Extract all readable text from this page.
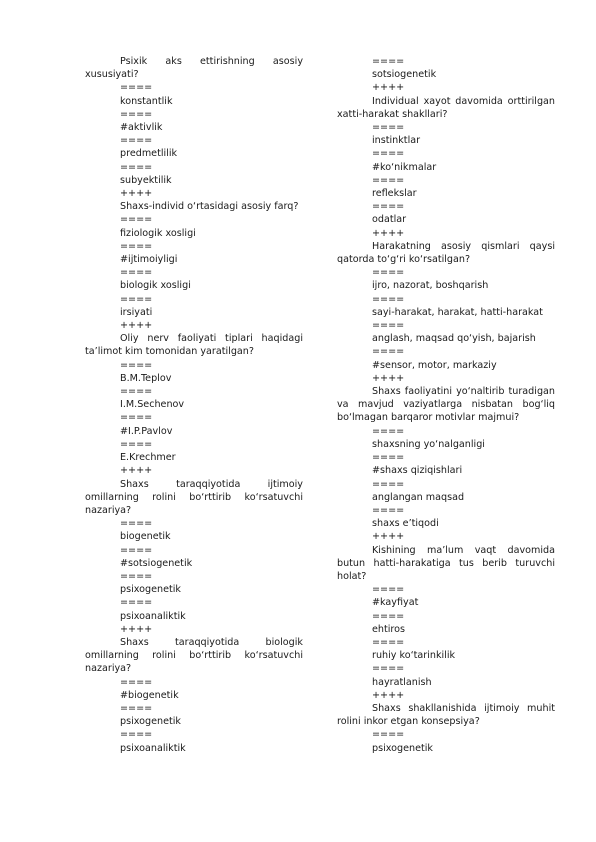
Psixik aks ettirishning asosiy xususiyati?
====
konstantlik
====
#aktivlik
====
predmetlilik
====
subyektilik
++++
Shaxs-individ o‘rtasidagi asosiy farq?
====
fiziologik xosligi
====
#ijtimoiyligi
====
biologik xosligi
====
irsiyati
++++
Oliy nerv faoliyati tiplari haqidagi ta’limot kim tomonidan yaratilgan?
====
B.M.Teplov
====
I.M.Sechenov
====
#I.P.Pavlov
====
E.Krechmer
++++
Shaxs taraqqiyotida ijtimoiy omillarning rolini bo‘rttirib ko‘rsatuvchi nazariya?
====
biogenetik
====
#sotsiogenetik
====
psixogenetik
====
psixoanaliktik
++++
Shaxs taraqqiyotida biologik omillarning rolini bo‘rttirib ko‘rsatuvchi nazariya?
====
#biogenetik
====
psixogenetik
====
psixoanaliktik
====
sotsiogenetik
++++
Individual xayot davomida orttirilgan xatti-harakat shakllari?
====
instinktlar
====
#ko‘nikmalar
====
reflekslar
====
odatlar
++++
Harakatning asosiy qismlari qaysi qatorda to‘g‘ri ko‘rsatilgan?
====
ijro, nazorat, boshqarish
====
sayi-harakat, harakat, hatti-harakat
====
anglash, maqsad qo‘yish, bajarish
====
#sensor, motor, markaziy
++++
Shaxs faoliyatini yo‘naltirib turadigan va mavjud vaziyatlarga nisbatan bog‘liq bo‘lmagan barqaror motivlar majmui?
====
shaxsning yo‘nalganligi
====
#shaxs qiziqishlari
====
anglangan maqsad
====
shaxs e’tiqodi
++++
Kishining ma’lum vaqt davomida butun hatti-harakatiga tus berib turuvchi holat?
====
#kayfiyat
====
ehtiros
====
ruhiy ko‘tarinkilik
====
hayratlanish
++++
Shaxs shakllanishida ijtimoiy muhit rolini inkor etgan konsepsiya?
====
psixogenetik
